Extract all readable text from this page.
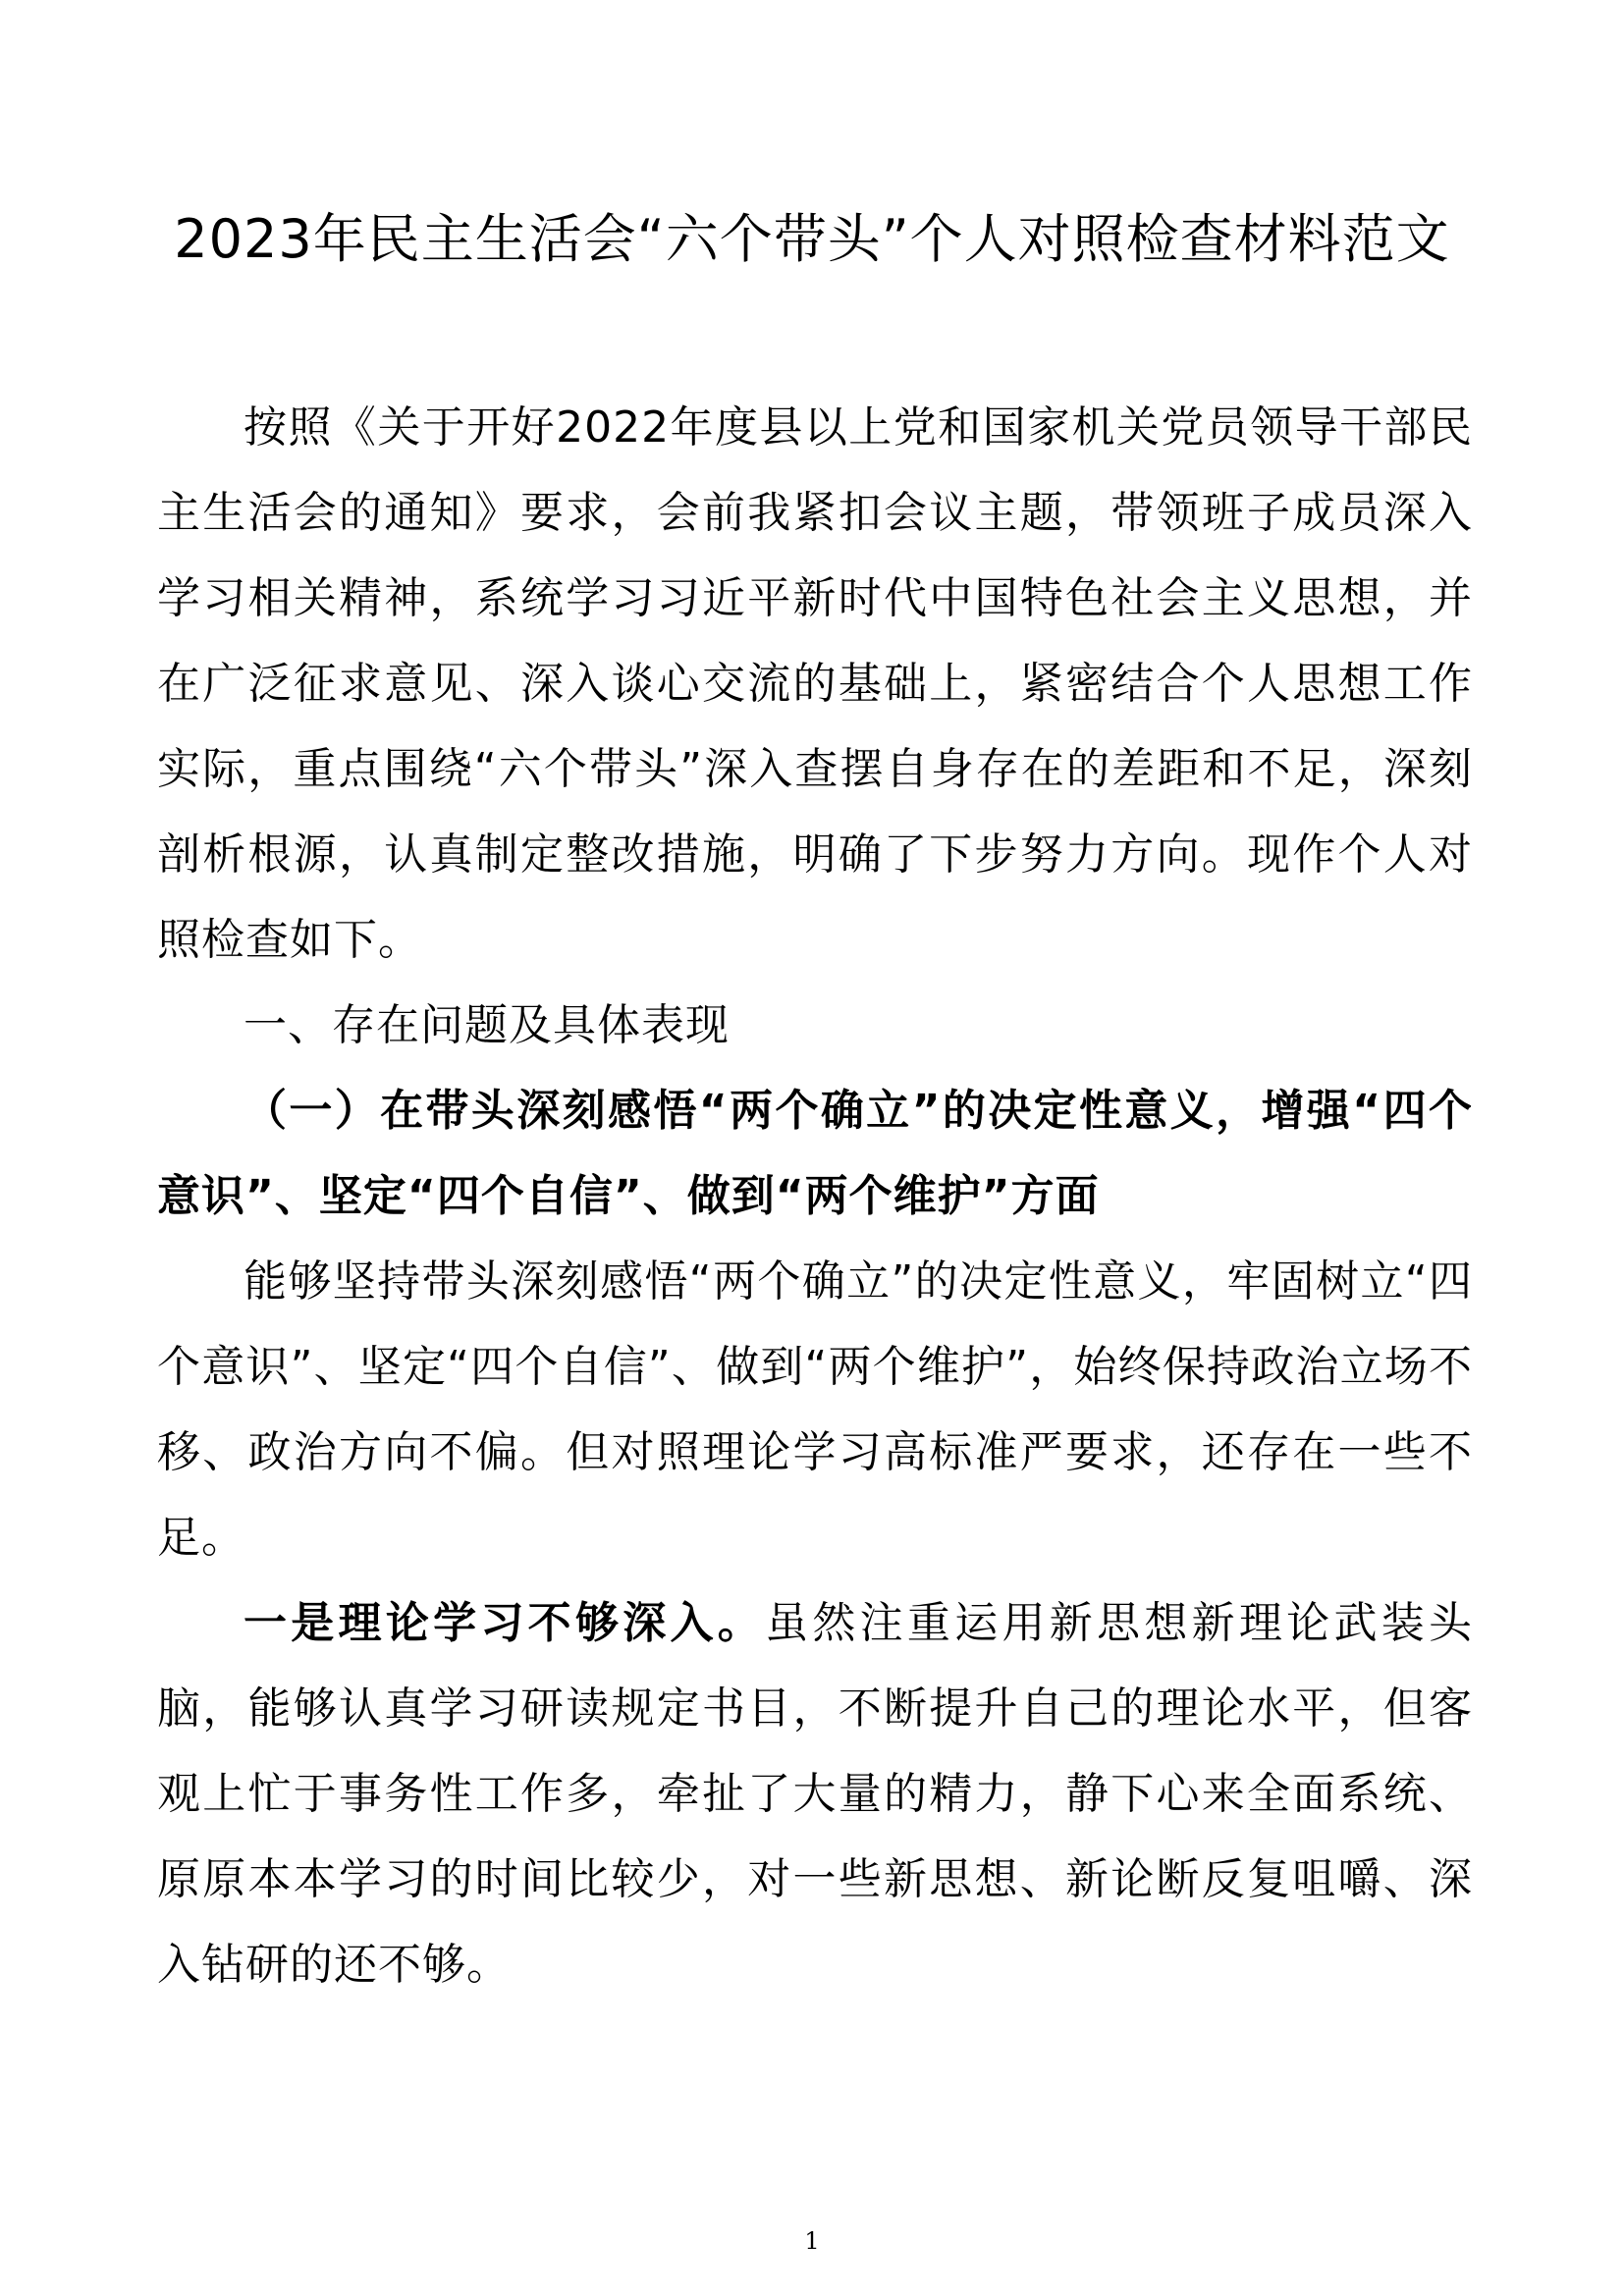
2023年民主生活会“六个带头”个人对照检查材料范文

按照《关于开好2022年度县以上党和国家机关党员领导干部民主生活会的通知》要求，会前我紧扣会议主题，带领班子成员深入学习相关精神，系统学习习近平新时代中国特色社会主义思想，并在广泛征求意见、深入谈心交流的基础上，紧密结合个人思想工作实际，重点围绕“六个带头”深入查摆自身存在的差距和不足，深刻剖析根源，认真制定整改措施，明确了下步努力方向。现作个人对照检查如下。

一、存在问题及具体表现

（一）在带头深刻感悟“两个确立”的决定性意义，增强“四个意识”、坚定“四个自信”、做到“两个维护”方面

能够坚持带头深刻感悟“两个确立”的决定性意义，牢固树立“四个意识”、坚定“四个自信”、做到“两个维护”，始终保持政治立场不移、政治方向不偏。但对照理论学习高标准严要求，还存在一些不足。

一是理论学习不够深入。虽然注重运用新思想新理论武装头脑，能够认真学习研读规定书目，不断提升自己的理论水平，但客观上忙于事务性工作多，牵扯了大量的精力，静下心来全面系统、原原本本学习的时间比较少，对一些新思想、新论断反复咀嚼、深入钻研的还不够。

1
